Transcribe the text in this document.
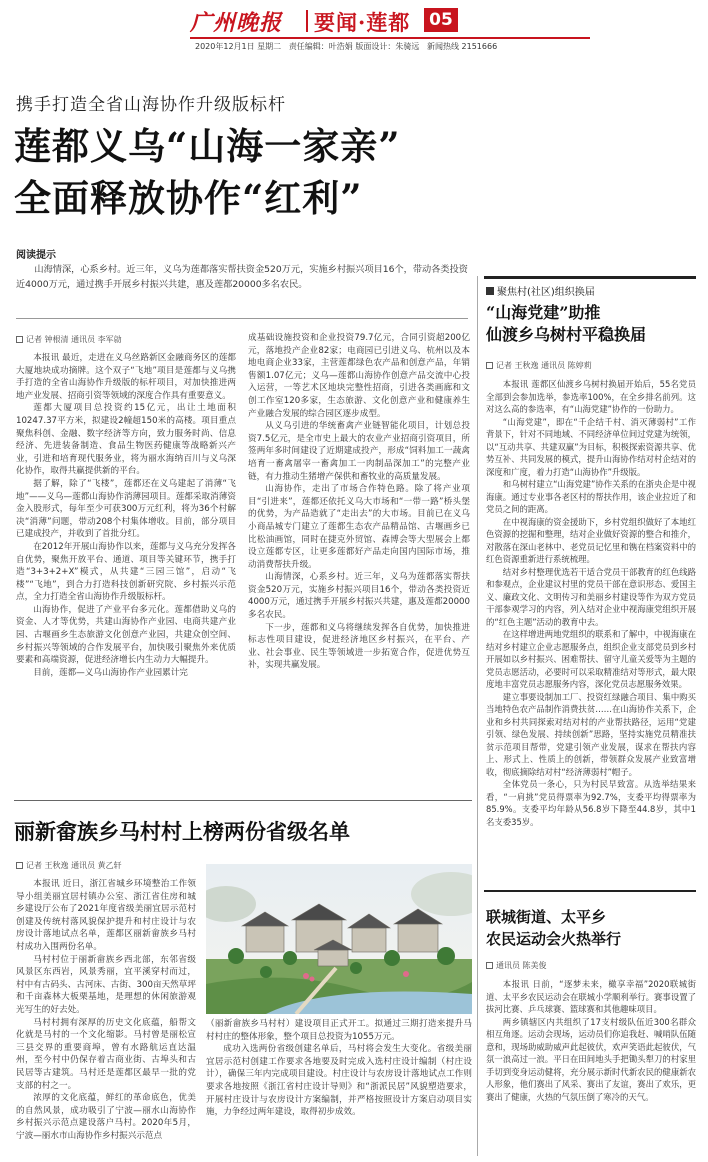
广州晚报 要闻·莲都	05
2020年12月1日 星期二 责任编辑：叶浩娟 版面设计：朱骑远 新闻热线 2151666
携手打造全省山海协作升级版标杆
莲都义乌“山海一家亲”
全面释放协作“红利”
阅读提示

山海情深，心系乡村。近三年，义乌为莲都落实帮扶资金520万元，实施乡村振兴项目16个，带动各类投资近4000万元，通过携手开展乡村振兴共建，惠及莲都20000多名农民。

聚焦村(社区)组织换届
“山海党建”助推
仙渡乡乌树村平稳换届
记者 王秋逸 通讯员 陈婷莉

本报讯 莲都区仙渡乡乌树村换届开始后，55名党员全部到会参加选举，参选率100%，在全乡排名前列。这对这么高的参选率，有“山海党建”协作的一份助力。

“山海党建”，即在“千企结千村、消灭薄弱村”工作背景下，针对不同地域、不同经济单位间过党建为统领，以“互动共享、共建双赢”为目标，积极探索资源共享、优势互补、共同发展的模式，提升山海协作结对村企结对的深度和广度，着力打造“山海协作”升级版。

和乌树村建立“山海党建”协作关系的在浙央企是中视海康。通过专业事各老区村的帮扶作用，该企业拉近了和党员之间的距离。

在中视海康的资金援助下，乡村党组织做好了本地红色资源的挖掘和整理，结对企业做好资源的整合和推介，对散落在深山老林中、老党员记忆里和镌在档案资料中的红色资源重新进行系统梳理。

结对乡村整理优选若干适合党员干部教育的红色线路和参观点，企业建议村里的党员干部在意识形态、爱国主义、廉政文化、文明传习和美丽乡村建设等作为双方党员干部参观学习的内容，列入结对企业中视海康党组织开展的“红色主题”活动的教育中去。

在这样增进两地党组织的联系和了解中，中视海康在结对乡村建立企业志愿服务点，组织企业支部党员到乡村开展如以乡村振兴、困难帮扶、留守儿童关爱等为主题的党员志愿活动，必要时可以采取精准结对等形式，最大限度地丰富党员志愿服务内容，深化党员志愿服务效果。

建立事要设制加工厂、投资红绿融合项目、集中购买当地特色农产品制作消费扶贫……在山海协作关系下，企业和乡村共同探索对结对村的产业帮扶路径，运用“党建引领、绿色发展、持续创新”思路，坚持实施党员精准扶贫示范项目帮带，党建引领产业发展，谋求在帮扶内容上、形式上、性质上的创新，带领群众发展产业致富增收，彻底摘除结对村“经济薄弱村”帽子。

全体党员一条心，只为村民早致富。从选举结果来看，“一肩挑”党员得票率为92.7%，支委平均得票率为85.9%。支委平均年龄从56.8岁下降至44.8岁，其中1名支委35岁。

记者 钟根清 通讯员 李军勍

本报讯 最近，走进在义乌丝路新区金融商务区的莲都大厦地块成功摘牌。这个双子“飞地”项目是莲都与义乌携手打造的全省山海协作升级版的标杆项目，对加快推进两地产业发展、招商引资等领域的深度合作具有重要意义。

莲都大厦项目总投资约15亿元，出让土地面积10247.37平方米，拟建设2幢超150米的高楼。项目重点聚焦科创、金融、数字经济等方向，致力服务时尚、信息经济、先进装备制造、食品生物医药健康等战略新兴产业，引进和培育现代服务业，将为丽水海纳百川与义乌深化协作，取得共赢提供新的平台。

据了解，除了“飞楼”，莲都还在义乌建起了消薄“飞地”——义乌—莲都山海协作消薄园项目。莲都采取消薄资金入股形式，每年至少可获300万元红利，将为36个村解决“消薄”问题，带动208个村集体增收。目前，部分项目已建成投产，并收到了首批分红。

在2012年开展山海协作以来，莲都与义乌充分发挥各自优势，聚焦开放平台、通道、项目等关键环节，携手打造“3+3+2+X”模式，从共建“三园三馆”，启动“飞楼”“飞地”，到合力打造科技创新研究院、乡村振兴示范点，全力打造全省山海协作升级版标杆。

山海协作，促进了产业平台多元化。莲都借助义乌的资金、人才等优势，共建山海协作产业园、电商共建产业园、古堰画乡生态旅游文化创意产业园，共建众创空间、乡村振兴等领域的合作发展平台，加快吸引聚焦外来优质要素和高端资源，促进经济增长内生动力大幅提升。

目前，莲都—义乌山海协作产业园累计完

成基础设施投资和企业投资79.7亿元，合同引资超200亿元，落地投产企业82家；电商园已引进义乌、杭州以及本地电商企业33家，主营莲都绿色农产品和创意产品，年销售额1.07亿元；义乌—莲都山海协作创意产品交流中心投入运营，一等艺术区地块完整性招商，引进各类画廊和文创工作室120多家，生态旅游、文化创意产业和健康养生产业融合发展的综合园区逐步成型。

从义乌引进的华统畜禽产业链智能化项目，计划总投资7.5亿元，是全市史上最大的农业产业招商引资项目，所签两年多时间建设了近期建成投产，形成“饲料加工一蔬禽培育一畜禽屠宰一畜禽加工一肉制品深加工”的完整产业链，有力推动生猪增产保供和畜牧业的高质量发展。

山海协作，走出了市场合作特色路。除了将产业项目“引进来”，莲都还依托义乌大市场和“一带一路”桥头堡的优势，为产品造就了“走出去”的大市场。目前已在义乌小商品城专门建立了莲都生态农产品精品馆、古堰画乡已比松油画馆，同时在捷克外贸馆、森博会等大型展会上都设立莲都专区，让更多莲都好产品走向国内国际市场，推动消费帮扶升级。

山海情深，心系乡村。近三年，义乌为莲都落实帮扶资金520万元，实施乡村振兴项目16个，带动各类投资近4000万元，通过携手开展乡村振兴共建，惠及莲都20000多名农民。

下一步，莲都和义乌将继续发挥各自优势，加快推进标志性项目建设，促进经济地区乡村振兴，在平台、产业、社会事业、民生等领域进一步拓宽合作，促进优势互补，实现共赢发展。

丽新畲族乡马村村上榜两份省级名单
记者 王秋逸 通讯员 黄乙轩

本报讯 近日，浙江省城乡环境整治工作领导小组美丽宜居村镇办公室、浙江省住房和城乡建设厅公布了2021年度省级美丽宜居示范村创建及传统村落风貌保护提升和村庄设计与农房设计落地试点名单，莲都区丽新畲族乡马村村成功入围两份名单。

马村村位于丽新畲族乡西北部，东邻省级风景区东西岩，风景秀丽，宜平溪穿村而过，村中有古码头、古河床、古街、300亩天然草坪和千亩森林大板栗基地，是理想的休闲旅游观光写生的好去处。

马村村拥有深厚的历史文化底蕴，船帮文化就是马村的一个文化缩影。马村曾是丽松宣三县交界的重要商埠，曾有水路航运直达温州，至今村中仍保存着古商业街、古埠头和古民居等古建筑。马村还是莲都区最早一批的党支部的村之一。

浓厚的文化底蕴，鲜红的革命底色，优美的自然风景，成功吸引了宁波—丽水山海协作乡村振兴示范点建设落户马村。2020年5月，宁波—丽水市山海协作乡村振兴示范点

（丽新畲族乡马村村）建设项目正式开工。拟通过三期打造来提升马村村庄的整体形象，整个项目总投资为1055万元。

成功入选两份省级创建名单后，马村将会发生大变化。省级美丽宜居示范村创建工作要求各地要及时完成入选村庄设计编制（村庄设计），确保三年内完成项目建设。村庄设计与农房设计落地试点工作则要求各地按照《浙江省村庄设计导则》和“浙派民居”风貌塑造要求，开展村庄设计与农房设计方案编制，并严格按照设计方案启动项目实施，力争经过两年建设，取得初步成效。

联城街道、太平乡
农民运动会火热举行
通讯员 陈美俊

本报讯 日前，“逐梦未来，橄享幸福”2020联城街道、太平乡农民运动会在联城小学顺利举行。赛事设置了拔河比赛、乒乓球赛、篮球赛和其他趣味项目。

两乡镇辖区内共组织了17支村级队伍近300名群众相互角逐。运动会现场，运动员们你追我赶、喊哨队伍随意和，现场助威助威声此起彼伏，欢声笑语此起彼伏，气氛一浪高过一浪。平日在田间地头手把锄头犁刀的村家里手切到变身运动健将，充分展示新时代新农民的健康新农人形象，他们赛出了风采、赛出了友谊，赛出了欢乐，更赛出了健康，火热的气氛压倒了寒冷的天气。
